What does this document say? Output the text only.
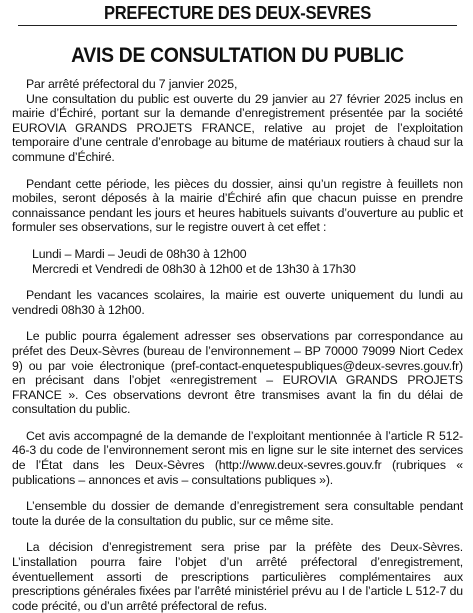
PREFECTURE DES DEUX-SEVRES
AVIS DE CONSULTATION DU PUBLIC

Par arrêté préfectoral du 7 janvier 2025,

Une consultation du public est ouverte du 29 janvier au 27 février 2025 inclus en mairie d’Échiré, portant sur la demande d’enregistrement présentée par la société EUROVIA GRANDS PROJETS FRANCE, relative au projet de l’exploitation temporaire d’une centrale d’enrobage au bitume de matériaux routiers à chaud sur la commune d’Échiré.

Pendant cette période, les pièces du dossier, ainsi qu’un registre à feuillets non mobiles, seront déposés à la mairie d’Échiré afin que chacun puisse en prendre connaissance pendant les jours et heures habituels suivants d’ouverture au public et formuler ses observations, sur le registre ouvert à cet effet :

Lundi – Mardi – Jeudi de 08h30 à 12h00

Mercredi et Vendredi de 08h30 à 12h00 et de 13h30 à 17h30

Pendant les vacances scolaires, la mairie est ouverte uniquement du lundi au vendredi 08h30 à 12h00.

Le public pourra également adresser ses observations par correspondance au préfet des Deux-Sèvres (bureau de l’environnement – BP 70000 79099 Niort Cedex 9) ou par voie électronique (pref-contact-enquetespubliques@deux-sevres.gouv.fr) en précisant dans l’objet «enregistrement – EUROVIA GRANDS PROJETS FRANCE ». Ces observations devront être transmises avant la fin du délai de consultation du public.

Cet avis accompagné de la demande de l’exploitant mentionnée à l’article R 512-46-3 du code de l’environnement seront mis en ligne sur le site internet des services de l’État dans les Deux-Sèvres (http://www.deux-sevres.gouv.fr (rubriques « publications – annonces et avis – consultations publiques »).

L’ensemble du dossier de demande d’enregistrement sera consultable pendant toute la durée de la consultation du public, sur ce même site.

La décision d’enregistrement sera prise par la préfète des Deux-Sèvres. L’installation pourra faire l’objet d’un arrêté préfectoral d’enregistrement, éventuellement assorti de prescriptions particulières complémentaires aux prescriptions générales fixées par l’arrêté ministériel prévu au I de l’article L 512-7 du code précité, ou d’un arrêté préfectoral de refus.
